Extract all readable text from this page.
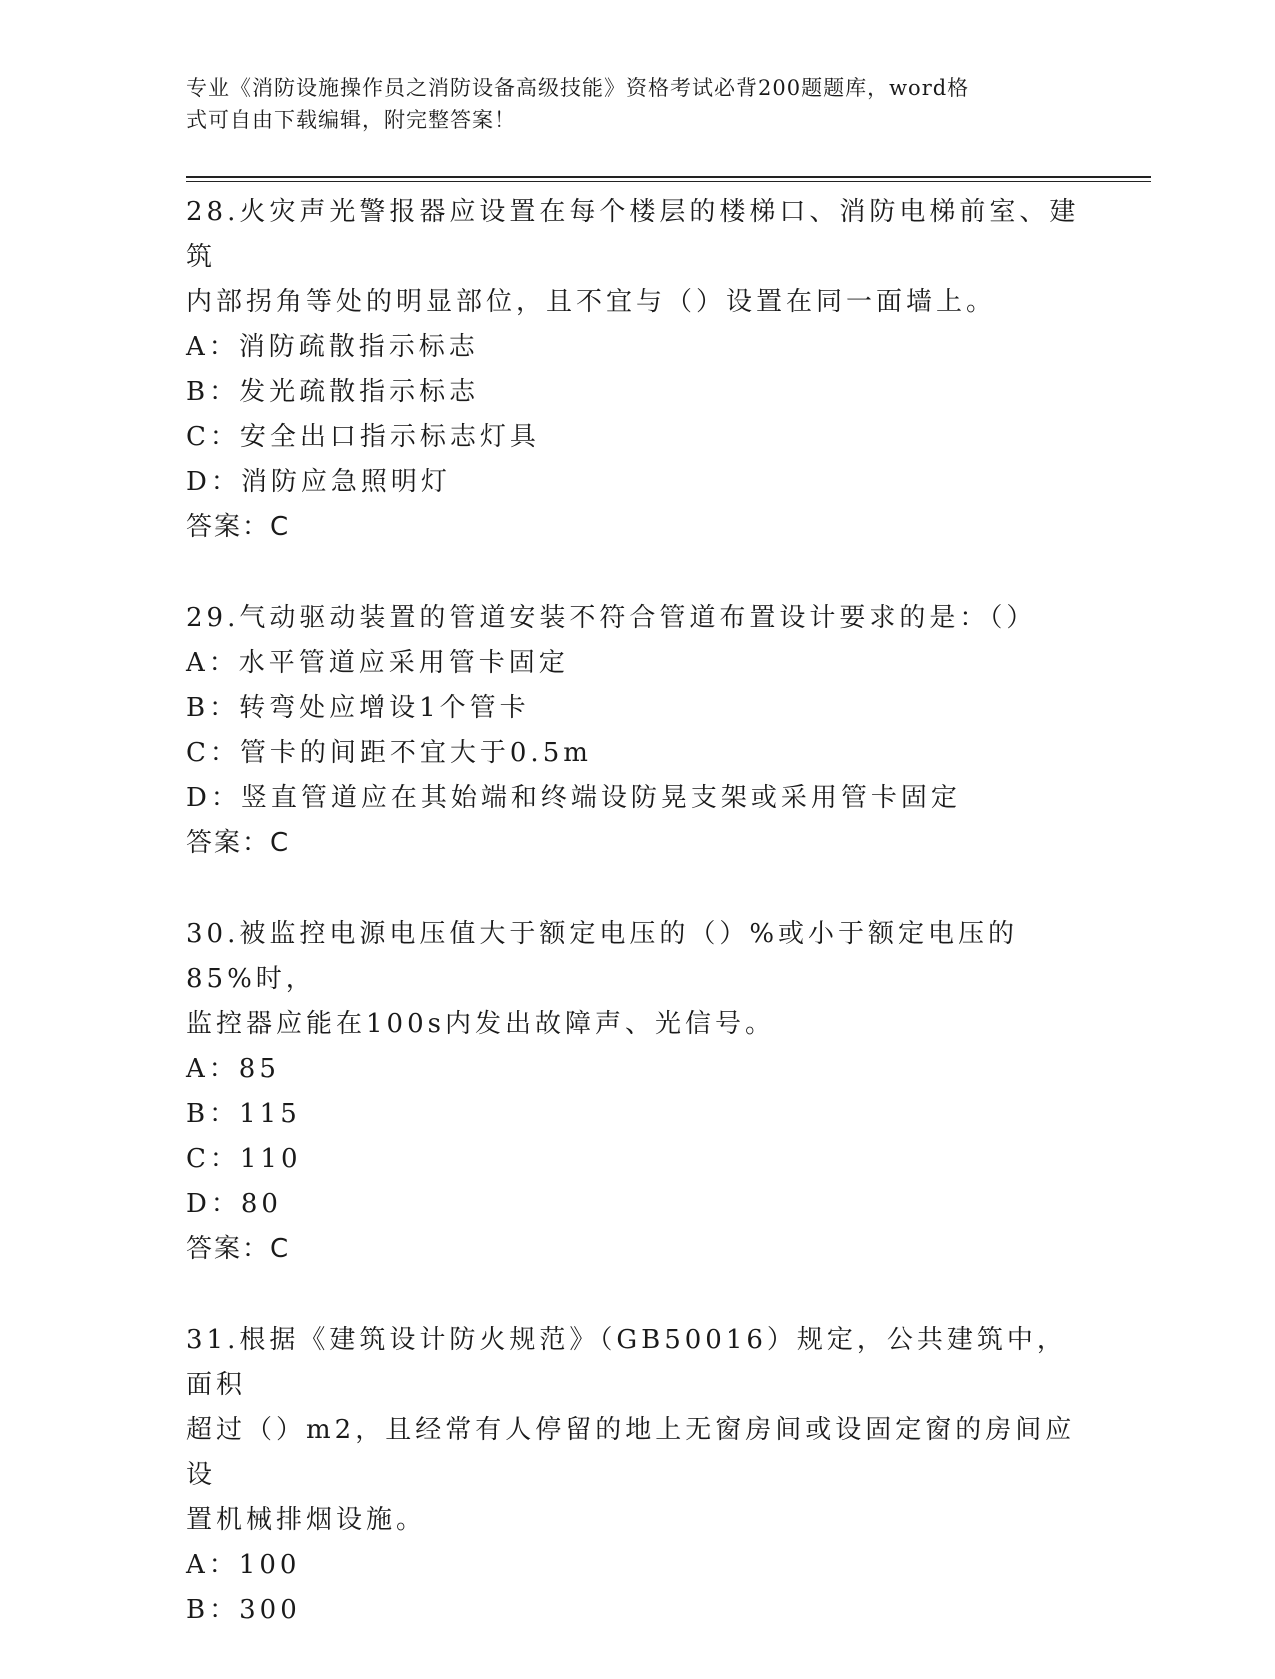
专业《消防设施操作员之消防设备高级技能》资格考试必背200题题库，word格
式可自由下载编辑，附完整答案！

28.火灾声光警报器应设置在每个楼层的楼梯口、消防电梯前室、建筑

内部拐角等处的明显部位，且不宜与（）设置在同一面墙上。

A：消防疏散指示标志

B：发光疏散指示标志

C：安全出口指示标志灯具

D：消防应急照明灯

答案：C

29.气动驱动装置的管道安装不符合管道布置设计要求的是：（）

A：水平管道应采用管卡固定

B：转弯处应增设1个管卡

C：管卡的间距不宜大于0.5m

D：竖直管道应在其始端和终端设防晃支架或采用管卡固定

答案：C

30.被监控电源电压值大于额定电压的（）%或小于额定电压的85%时，

监控器应能在100s内发出故障声、光信号。

A：85

B：115

C：110

D：80

答案：C

31.根据《建筑设计防火规范》（GB50016）规定，公共建筑中，面积

超过（）m2，且经常有人停留的地上无窗房间或设固定窗的房间应设

置机械排烟设施。

A：100

B：300
